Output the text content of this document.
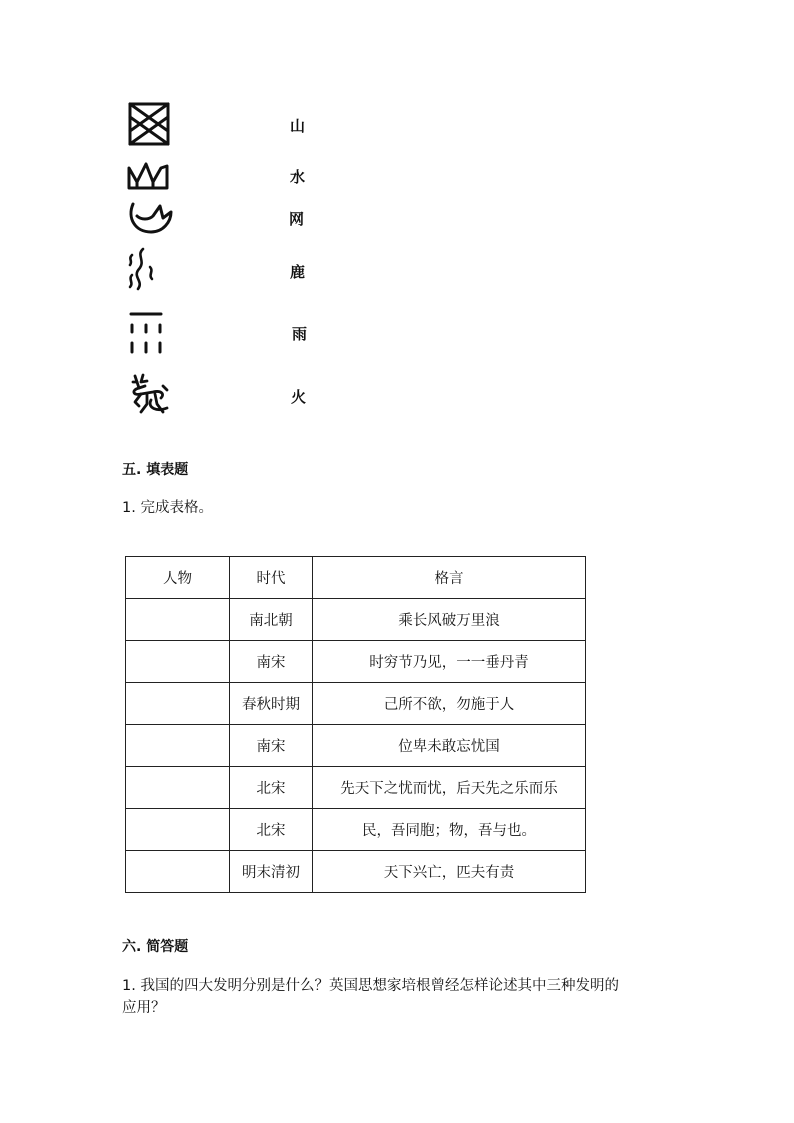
山
水
网
鹿
雨
火
五. 填表题
1. 完成表格。
人物	时代	格言
	南北朝	乘长风破万里浪
	南宋	时穷节乃见，一一垂丹青
	春秋时期	己所不欲，勿施于人
	南宋	位卑未敢忘忧国
	北宋	先天下之忧而忧，后天先之乐而乐
	北宋	民，吾同胞；物，吾与也。
	明末清初	天下兴亡，匹夫有责
六. 简答题
1. 我国的四大发明分别是什么？英国思想家培根曾经怎样论述其中三种发明的
应用？
